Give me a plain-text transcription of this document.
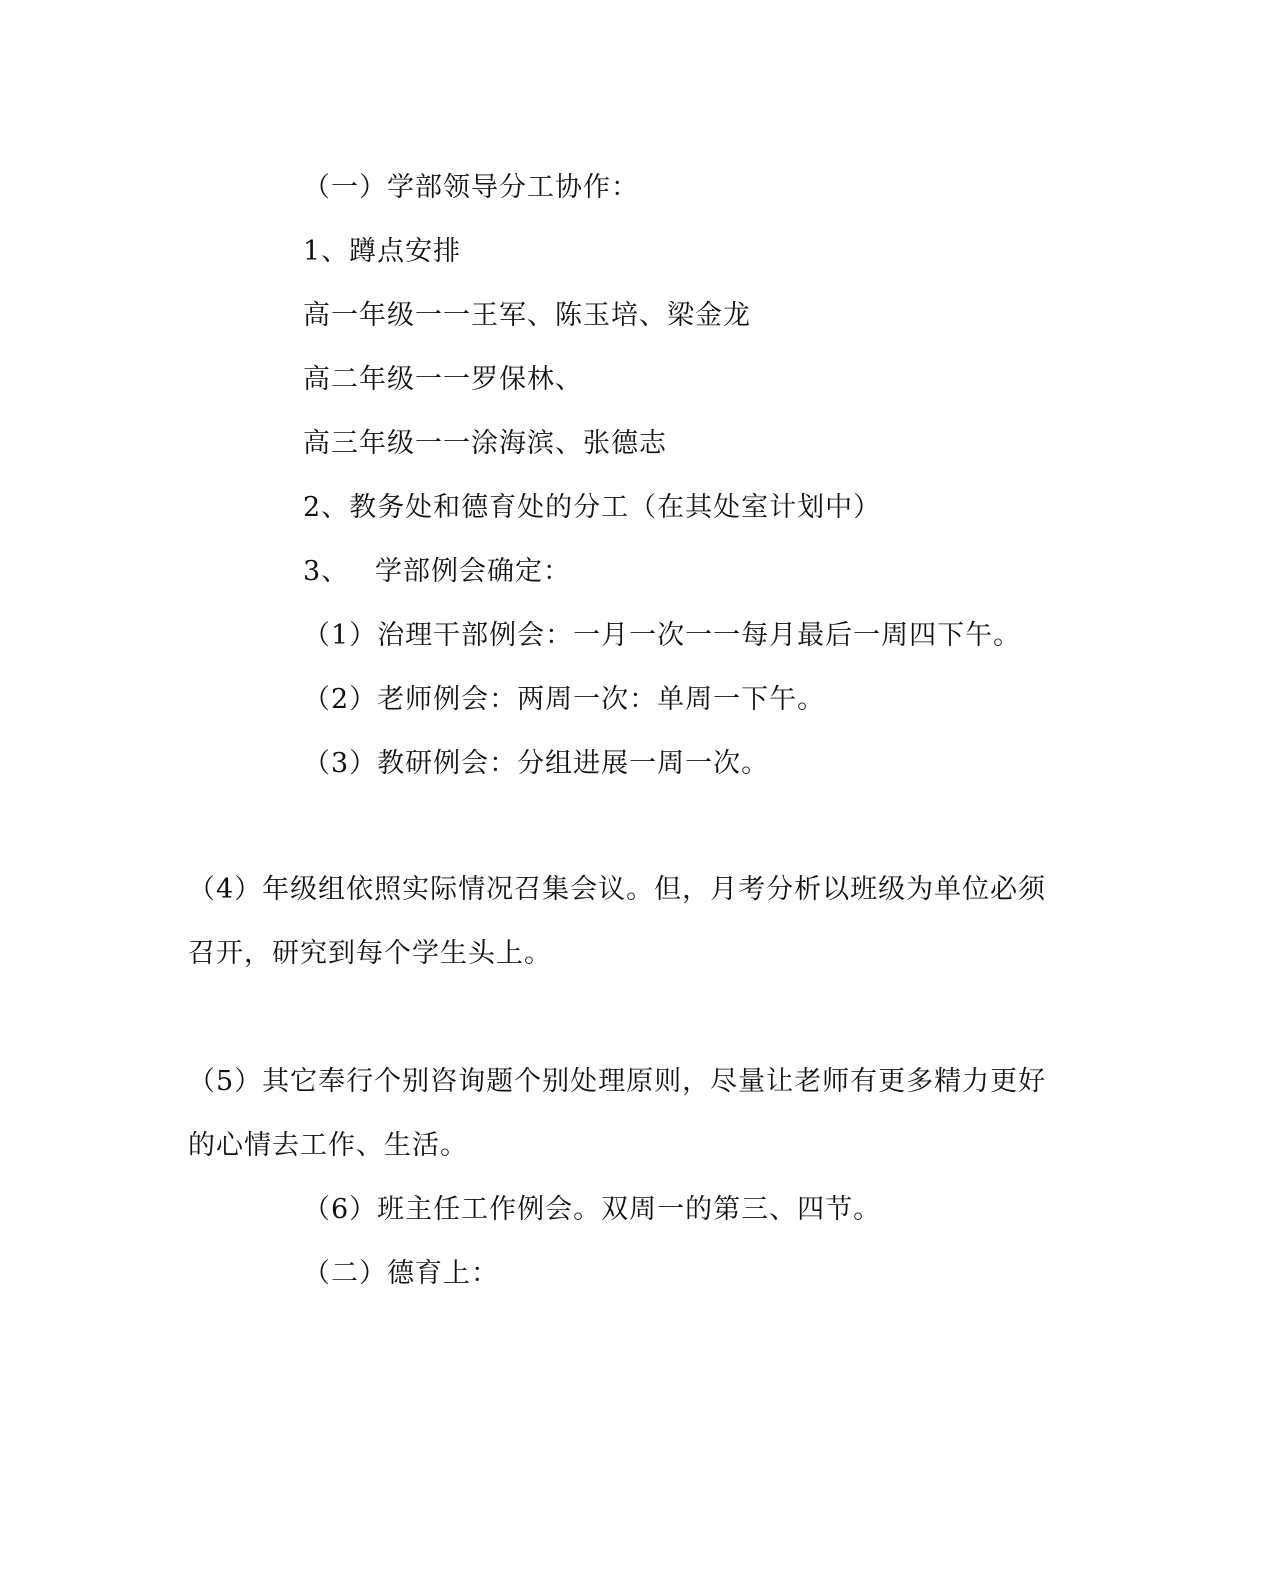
（一）学部领导分工协作：
1、蹲点安排
高一年级一一王军、陈玉培、梁金龙
高二年级一一罗保林、
高三年级一一涂海滨、张德志
2、教务处和德育处的分工（在其处室计划中）
3、 学部例会确定：
（1）治理干部例会：一月一次一一每月最后一周四下午。
（2）老师例会：两周一次：单周一下午。
（3）教研例会：分组进展一周一次。
（4）年级组依照实际情况召集会议。但，月考分析以班级为单位必须
召开，研究到每个学生头上。
（5）其它奉行个别咨询题个别处理原则，尽量让老师有更多精力更好
的心情去工作、生活。
（6）班主任工作例会。双周一的第三、四节。
（二）德育上：
